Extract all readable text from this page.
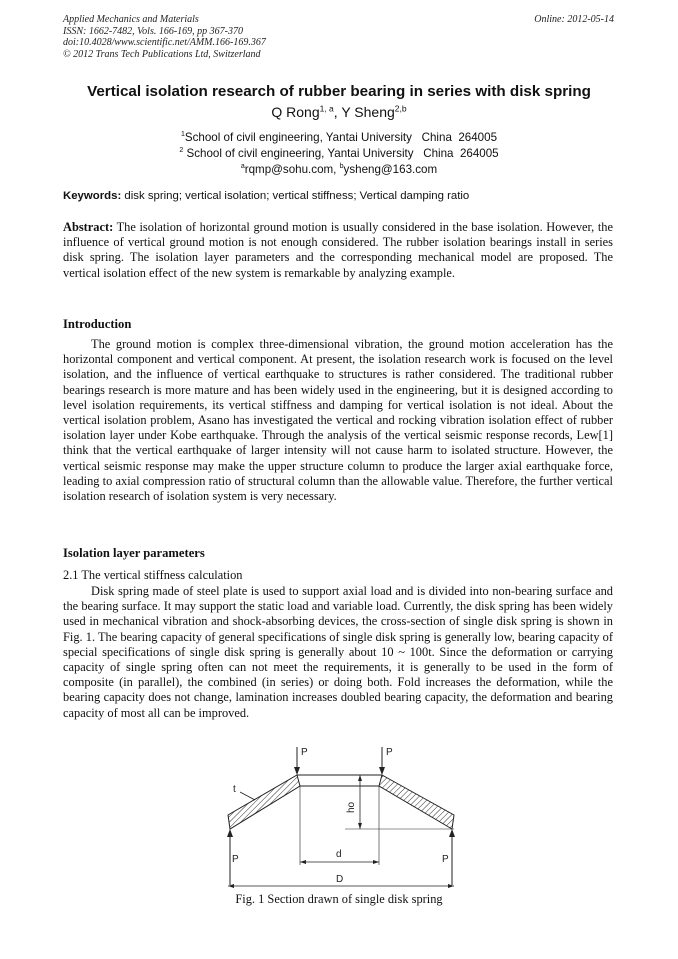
Applied Mechanics and Materials
ISSN: 1662-7482, Vols. 166-169, pp 367-370
doi:10.4028/www.scientific.net/AMM.166-169.367
© 2012 Trans Tech Publications Ltd, Switzerland
Online: 2012-05-14
Vertical isolation research of rubber bearing in series with disk spring
Q Rong$^{1, a}$, Y Sheng$^{2,b}$
$^1$School of civil engineering, Yantai University   China  264005
$^2$ School of civil engineering, Yantai University   China  264005
$^a$rqmp@sohu.com, $^b$ysheng@163.com
Keywords: disk spring; vertical isolation; vertical stiffness; Vertical damping ratio
Abstract: The isolation of horizontal ground motion is usually considered in the base isolation. However, the influence of vertical ground motion is not enough considered. The rubber isolation bearings install in series disk spring. The isolation layer parameters and the corresponding mechanical model are proposed. The vertical isolation effect of the new system is remarkable by analyzing example.
Introduction
The ground motion is complex three-dimensional vibration, the ground motion acceleration has the horizontal component and vertical component. At present, the isolation research work is focused on the level isolation, and the influence of vertical earthquake to structures is rather considered. The traditional rubber bearings research is more mature and has been widely used in the engineering, but it is designed according to level isolation requirements, its vertical stiffness and damping for vertical isolation is not ideal. About the vertical isolation problem, Asano has investigated the vertical and rocking vibration isolation effect of rubber isolation layer under Kobe earthquake. Through the analysis of the vertical seismic response records, Lew[1] think that the vertical earthquake of larger intensity will not cause harm to isolated structure. However, the vertical seismic response may make the upper structure column to produce the larger axial earthquake force, leading to axial compression ratio of structural column than the allowable value. Therefore, the further vertical isolation research of isolation system is very necessary.
Isolation layer parameters
2.1 The vertical stiffness calculation
Disk spring made of steel plate is used to support axial load and is divided into non-bearing surface and the bearing surface. It may support the static load and variable load. Currently, the disk spring has been widely used in mechanical vibration and shock-absorbing devices, the cross-section of single disk spring is shown in Fig. 1. The bearing capacity of general specifications of single disk spring is generally low, bearing capacity of special specifications of single disk spring is generally about 10 ~ 100t. Since the deformation or carrying capacity of single spring often can not meet the requirements, it is generally to be used in the form of composite (in parallel), the combined (in series) or doing both. Fold increases the deformation, while the bearing capacity does not change, lamination increases doubled bearing capacity, the deformation and bearing capacity of most all can be improved.
P	P
t
ho
P	P
d
D
Fig. 1 Section drawn of single disk spring
